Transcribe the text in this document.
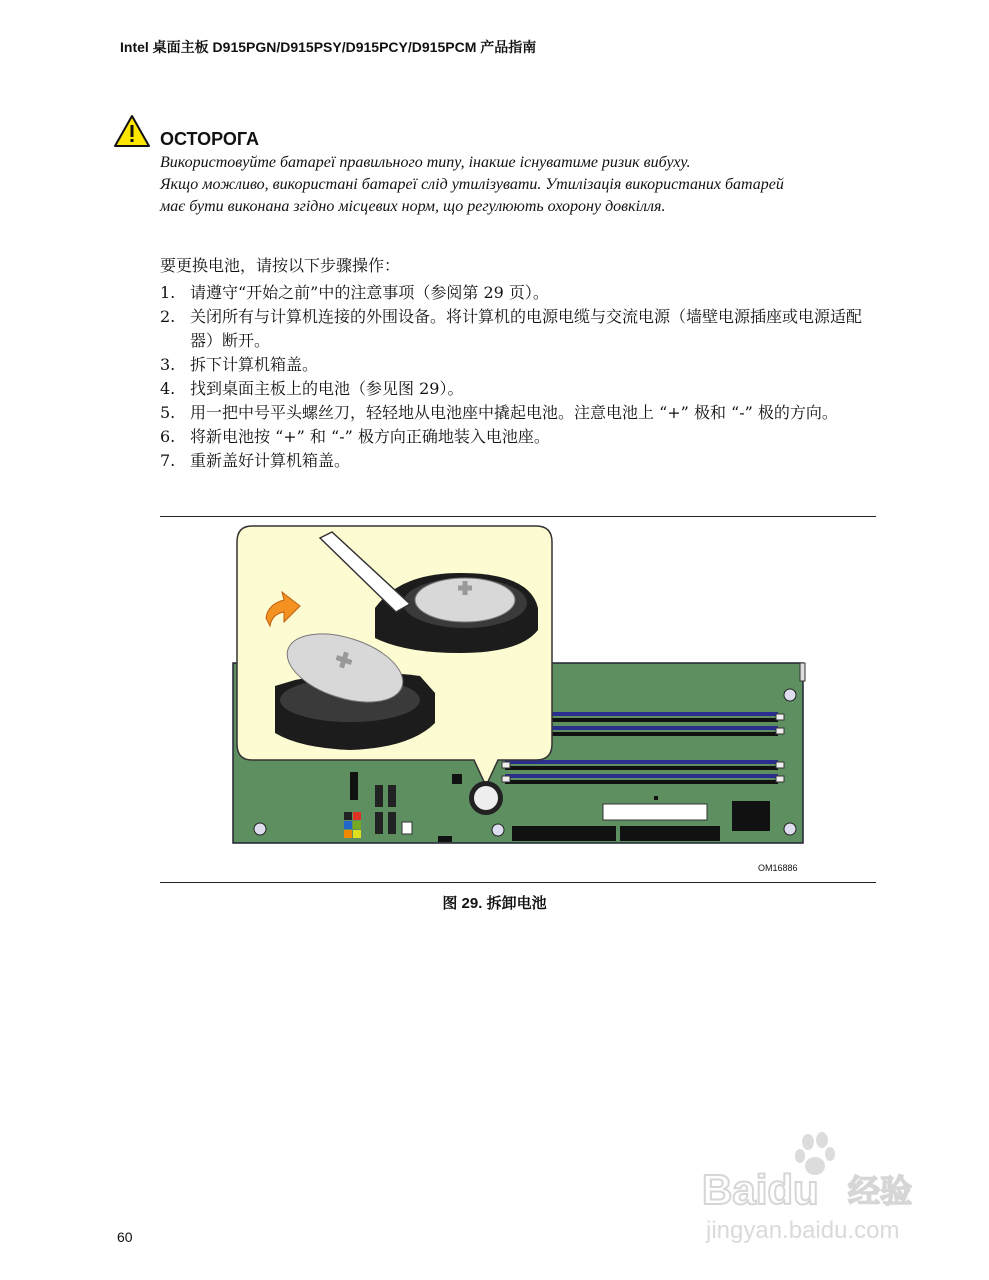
Intel 桌面主板 D915PGN/D915PSY/D915PCY/D915PCM 产品指南
ОСТОРОГА
Використовуйте батареї правильного типу, інакше існуватиме ризик вибуху.
Якщо можливо, використані батареї слід утилізувати. Утилізація використаних батарей
має бути виконана згідно місцевих норм, що регулюють охорону довкілля.
要更换电池，请按以下步骤操作：
1. 请遵守“开始之前”中的注意事项（参阅第 29 页）。
2. 关闭所有与计算机连接的外围设备。将计算机的电源电缆与交流电源（墙壁电源插座或电源适配器）断开。
3. 拆下计算机箱盖。
4. 找到桌面主板上的电池（参见图 29）。
5. 用一把中号平头螺丝刀，轻轻地从电池座中撬起电池。注意电池上 “+” 极和 “-” 极的方向。
6. 将新电池按 “+” 和 “-” 极方向正确地装入电池座。
7. 重新盖好计算机箱盖。
OM16886
图 29. 拆卸电池
60
Baidu 经验
jingyan.baidu.com
